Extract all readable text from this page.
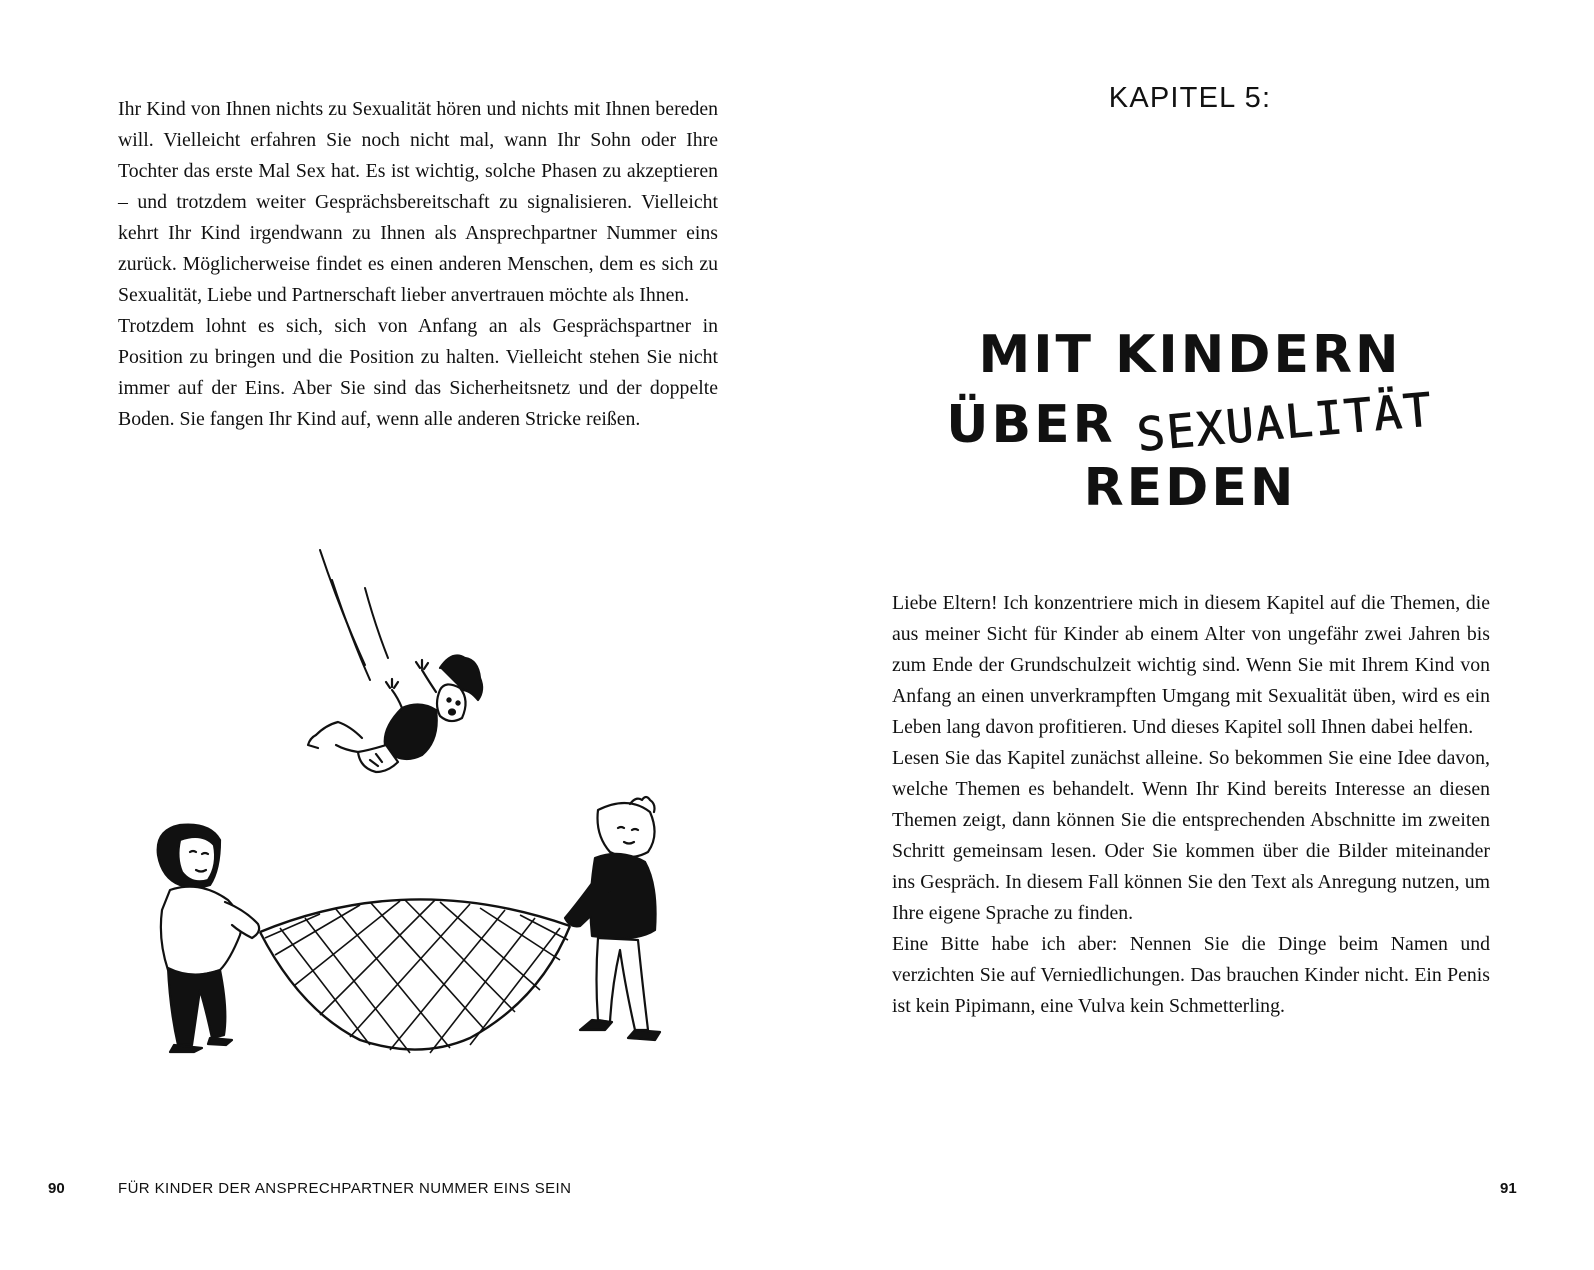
Ihr Kind von Ihnen nichts zu Sexualität hören und nichts mit Ihnen bereden will. Vielleicht erfahren Sie noch nicht mal, wann Ihr Sohn oder Ihre Tochter das erste Mal Sex hat. Es ist wichtig, solche Phasen zu akzeptieren – und trotzdem weiter Gesprächsbereitschaft zu signalisieren. Vielleicht kehrt Ihr Kind irgendwann zu Ihnen als Ansprechpartner Nummer eins zurück. Möglicherweise findet es einen anderen Menschen, dem es sich zu Sexualität, Liebe und Partnerschaft lieber anvertrauen möchte als Ihnen.

Trotzdem lohnt es sich, sich von Anfang an als Gesprächspartner in Position zu bringen und die Position zu halten. Vielleicht stehen Sie nicht immer auf der Eins. Aber Sie sind das Sicherheitsnetz und der doppelte Boden. Sie fangen Ihr Kind auf, wenn alle anderen Stricke reißen.

90	FÜR KINDER DER ANSPRECHPARTNER NUMMER EINS SEIN
KAPITEL 5:
MIT KINDERN
ÜBER SEXUALITÄT
REDEN

Liebe Eltern! Ich konzentriere mich in diesem Kapitel auf die Themen, die aus meiner Sicht für Kinder ab einem Alter von ungefähr zwei Jahren bis zum Ende der Grundschulzeit wichtig sind. Wenn Sie mit Ihrem Kind von Anfang an einen unverkrampften Umgang mit Sexualität üben, wird es ein Leben lang davon profitieren. Und dieses Kapitel soll Ihnen dabei helfen.

Lesen Sie das Kapitel zunächst alleine. So bekommen Sie eine Idee davon, welche Themen es behandelt. Wenn Ihr Kind bereits Interesse an diesen Themen zeigt, dann können Sie die entsprechenden Abschnitte im zweiten Schritt gemeinsam lesen. Oder Sie kommen über die Bilder miteinander ins Gespräch. In diesem Fall können Sie den Text als Anregung nutzen, um Ihre eigene Sprache zu finden.

Eine Bitte habe ich aber: Nennen Sie die Dinge beim Namen und verzichten Sie auf Verniedlichungen. Das brauchen Kinder nicht. Ein Penis ist kein Pipimann, eine Vulva kein Schmetterling.

91
